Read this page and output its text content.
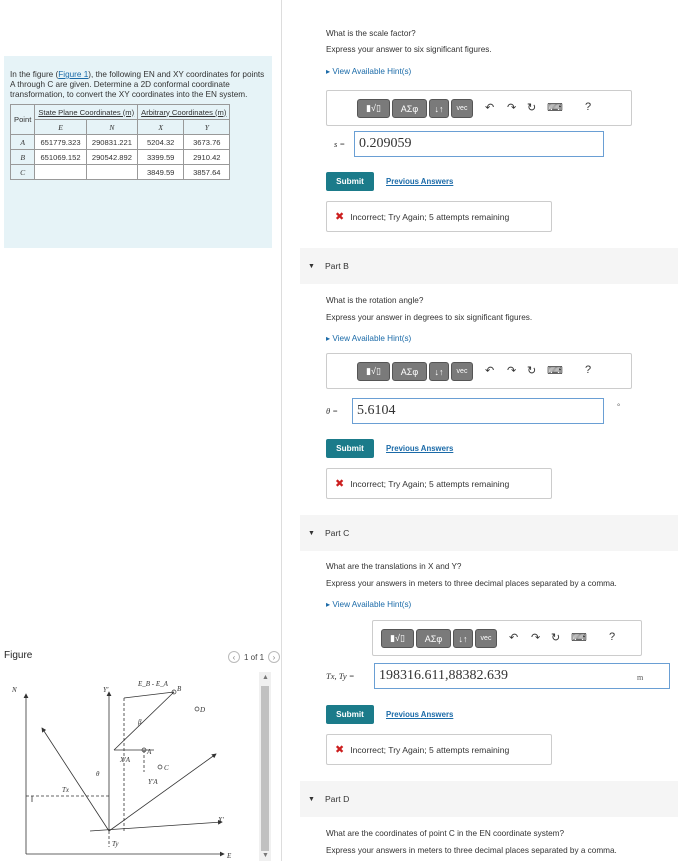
In the figure (Figure 1), the following EN and XY coordinates for points A through C are given. Determine a 2D conformal coordinate transformation, to convert the XY coordinates into the EN system.

Point	State Plane Coordinates (m)		Arbitrary Coordinates (m)	
	E	N	X	Y
A	651779.323	290831.221	5204.32	3673.76
B	651069.152	290542.892	3399.59	2910.42
C			3849.59	3857.64
Figure	‹	1 of 1	›
N
E
Y'
X'
E_B - E_A
B
A
D
C
Tx
Ty
θ
β
Y'A
X'A
▲
▼
What is the scale factor?
Express your answer to six significant figures.
▸ View Available Hint(s)
▮√▯	ΑΣφ	↓↑	vec	↶ ↷ ↻ ⌨ ?
s =
0.209059
Submit	Previous Answers
✖ Incorrect; Try Again; 5 attempts remaining
▼ Part B
What is the rotation angle?
Express your answer in degrees to six significant figures.
▸ View Available Hint(s)
▮√▯	ΑΣφ	↓↑	vec	↶ ↷ ↻ ⌨ ?
θ =
5.6104	°
Submit	Previous Answers
✖ Incorrect; Try Again; 5 attempts remaining
▼ Part C
What are the translations in X and Y?
Express your answers in meters to three decimal places separated by a comma.
▸ View Available Hint(s)
▮√▯	ΑΣφ	↓↑	vec	↶ ↷ ↻ ⌨ ?
Tx, Ty =
198316.611,88382.639	m
Submit	Previous Answers
✖ Incorrect; Try Again; 5 attempts remaining
▼ Part D
What are the coordinates of point C in the EN coordinate system?
Express your answers in meters to three decimal places separated by a comma.
